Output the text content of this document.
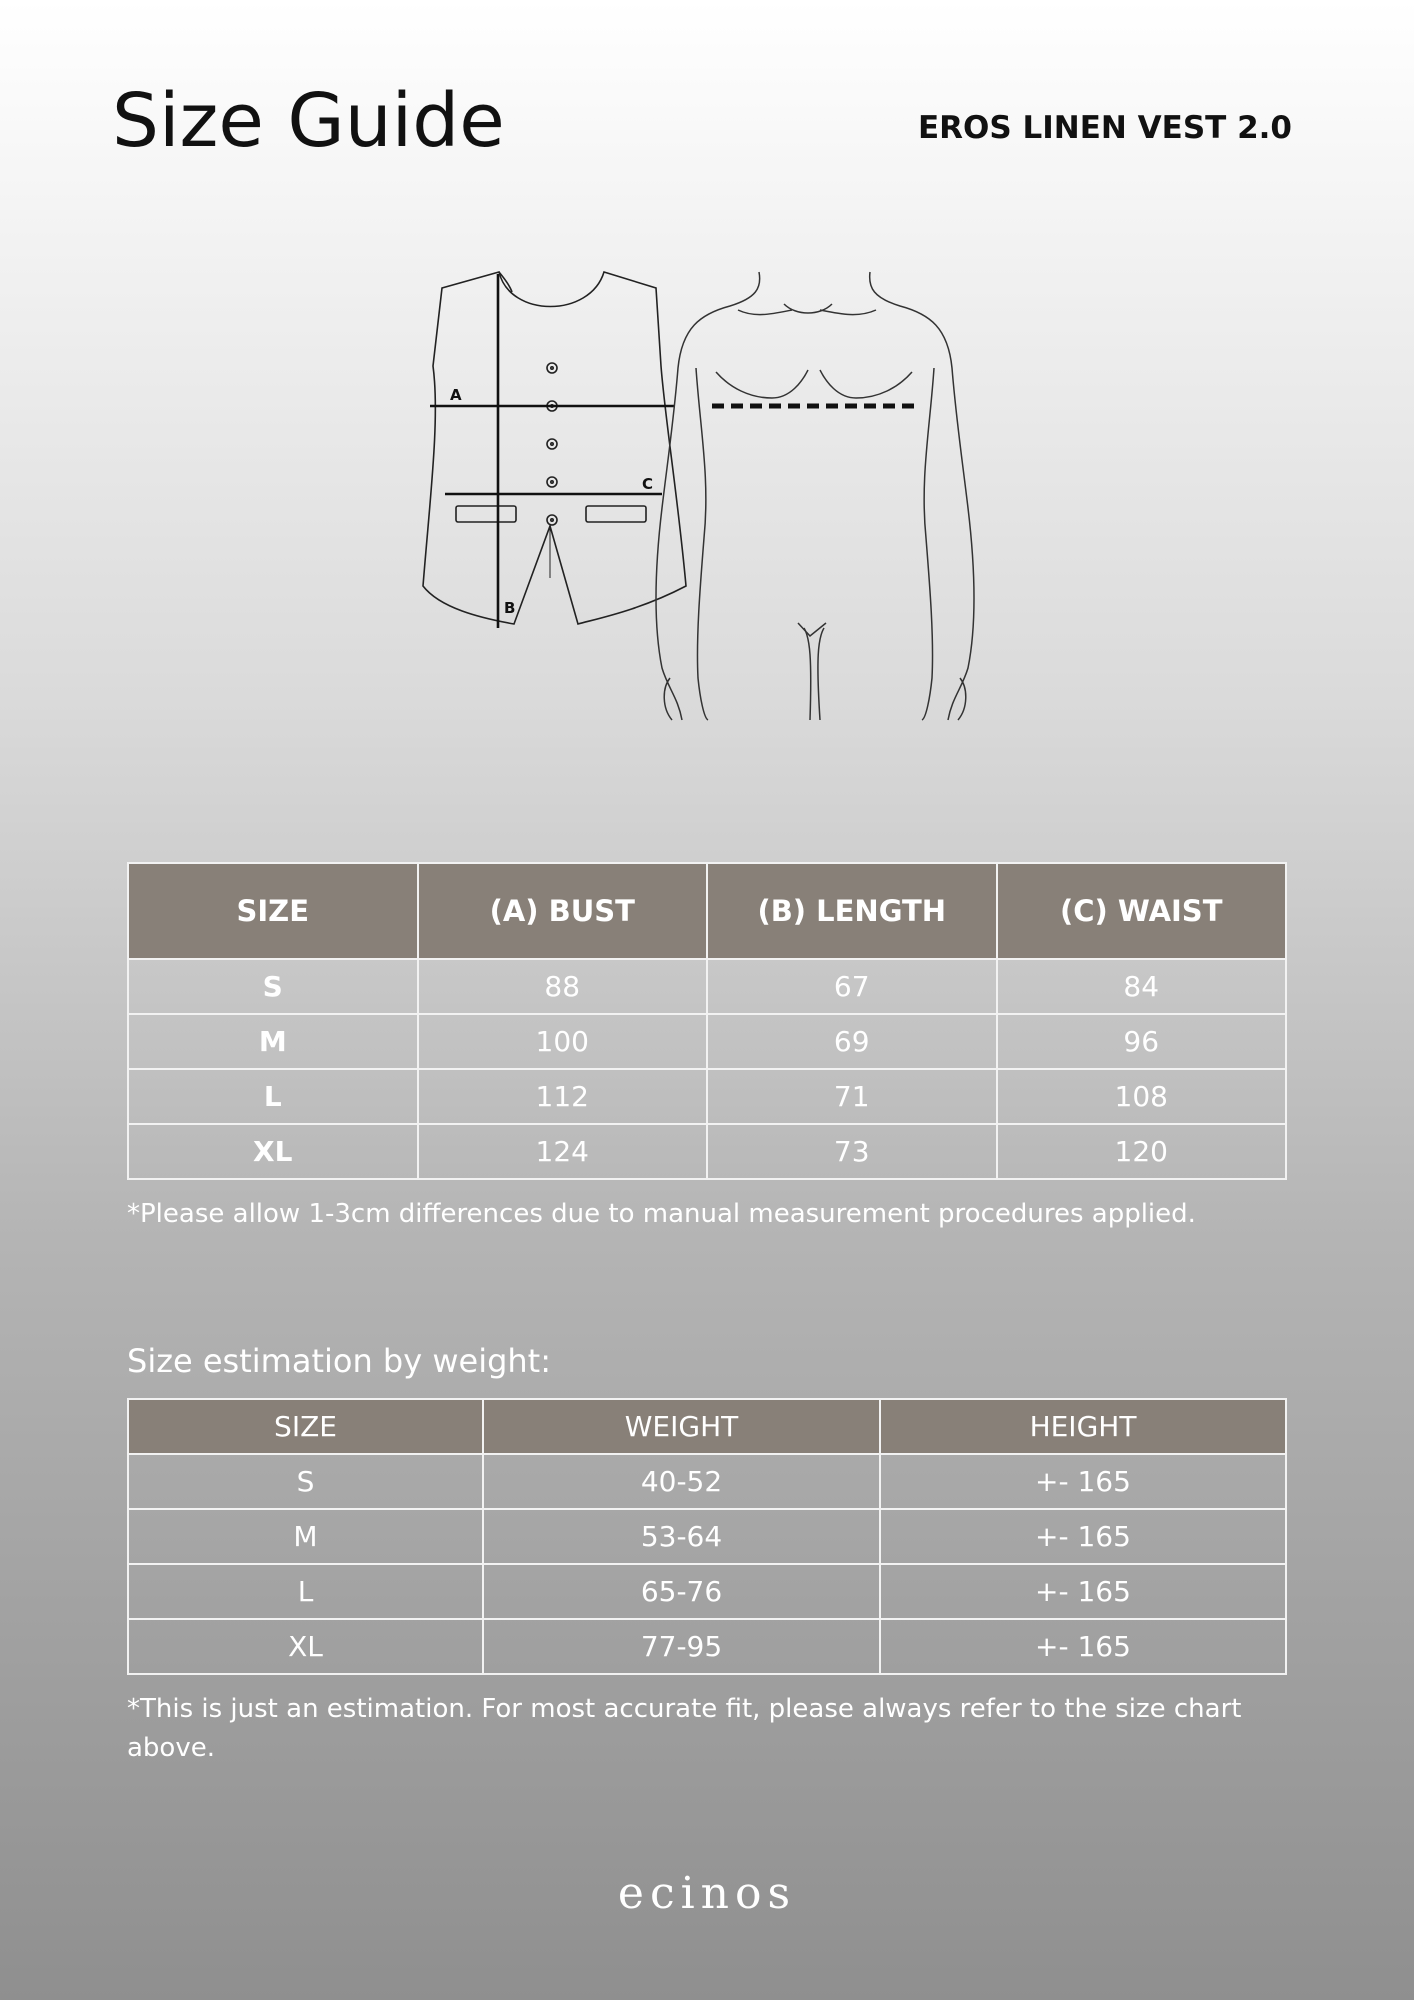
Size Guide	EROS LINEN VEST 2.0
A
B
C
SIZE	(A) BUST	(B) LENGTH	(C) WAIST
S	88	67	84
M	100	69	96
L	112	71	108
XL	124	73	120
*Please allow 1-3cm differences due to manual measurement procedures applied.
Size estimation by weight:
SIZE	WEIGHT	HEIGHT
S	40-52	+- 165
M	53-64	+- 165
L	65-76	+- 165
XL	77-95	+- 165
*This is just an estimation. For most accurate fit, please always refer to the size chart above.
ecinos
